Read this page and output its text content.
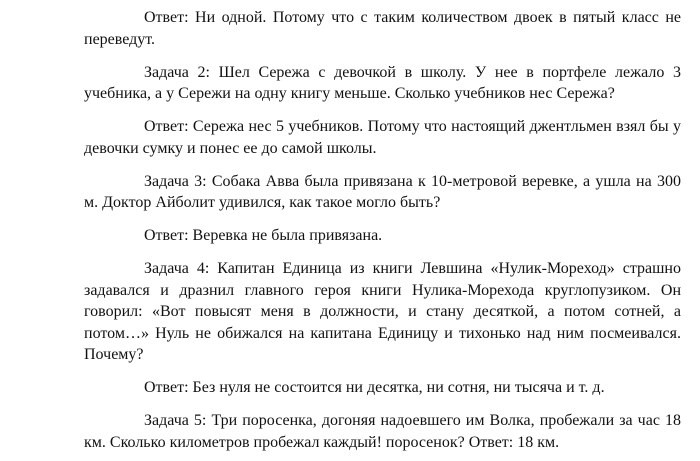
Ответ: Ни одной. Потому что с таким количеством двоек в пятый класс не переведут.

Задача 2: Шел Сережа с девочкой в школу. У нее в портфеле лежало 3 учебника, а у Сережи на одну книгу меньше. Сколько учебников нес Сережа?

Ответ: Сережа нес 5 учебников. Потому что настоящий джентльмен взял бы у девочки сумку и понес ее до самой школы.

Задача 3: Собака Авва была привязана к 10-метровой веревке, а ушла на 300 м. Доктор Айболит удивился, как такое могло быть?

Ответ: Веревка не была привязана.

Задача 4: Капитан Единица из книги Левшина «Нулик-Мореход» страшно задавался и дразнил главного героя книги Нулика-Морехода круглопузиком. Он говорил: «Вот повысят меня в должности, и стану десяткой, а потом сотней, а потом…» Нуль не обижался на капитана Единицу и тихонько над ним посмеивался. Почему?

Ответ: Без нуля не состоится ни десятка, ни сотня, ни тысяча и т. д.

Задача 5: Три поросенка, догоняя надоевшего им Волка, пробежали за час 18 км. Сколько километров пробежал каждый! поросенок? Ответ: 18 км.
